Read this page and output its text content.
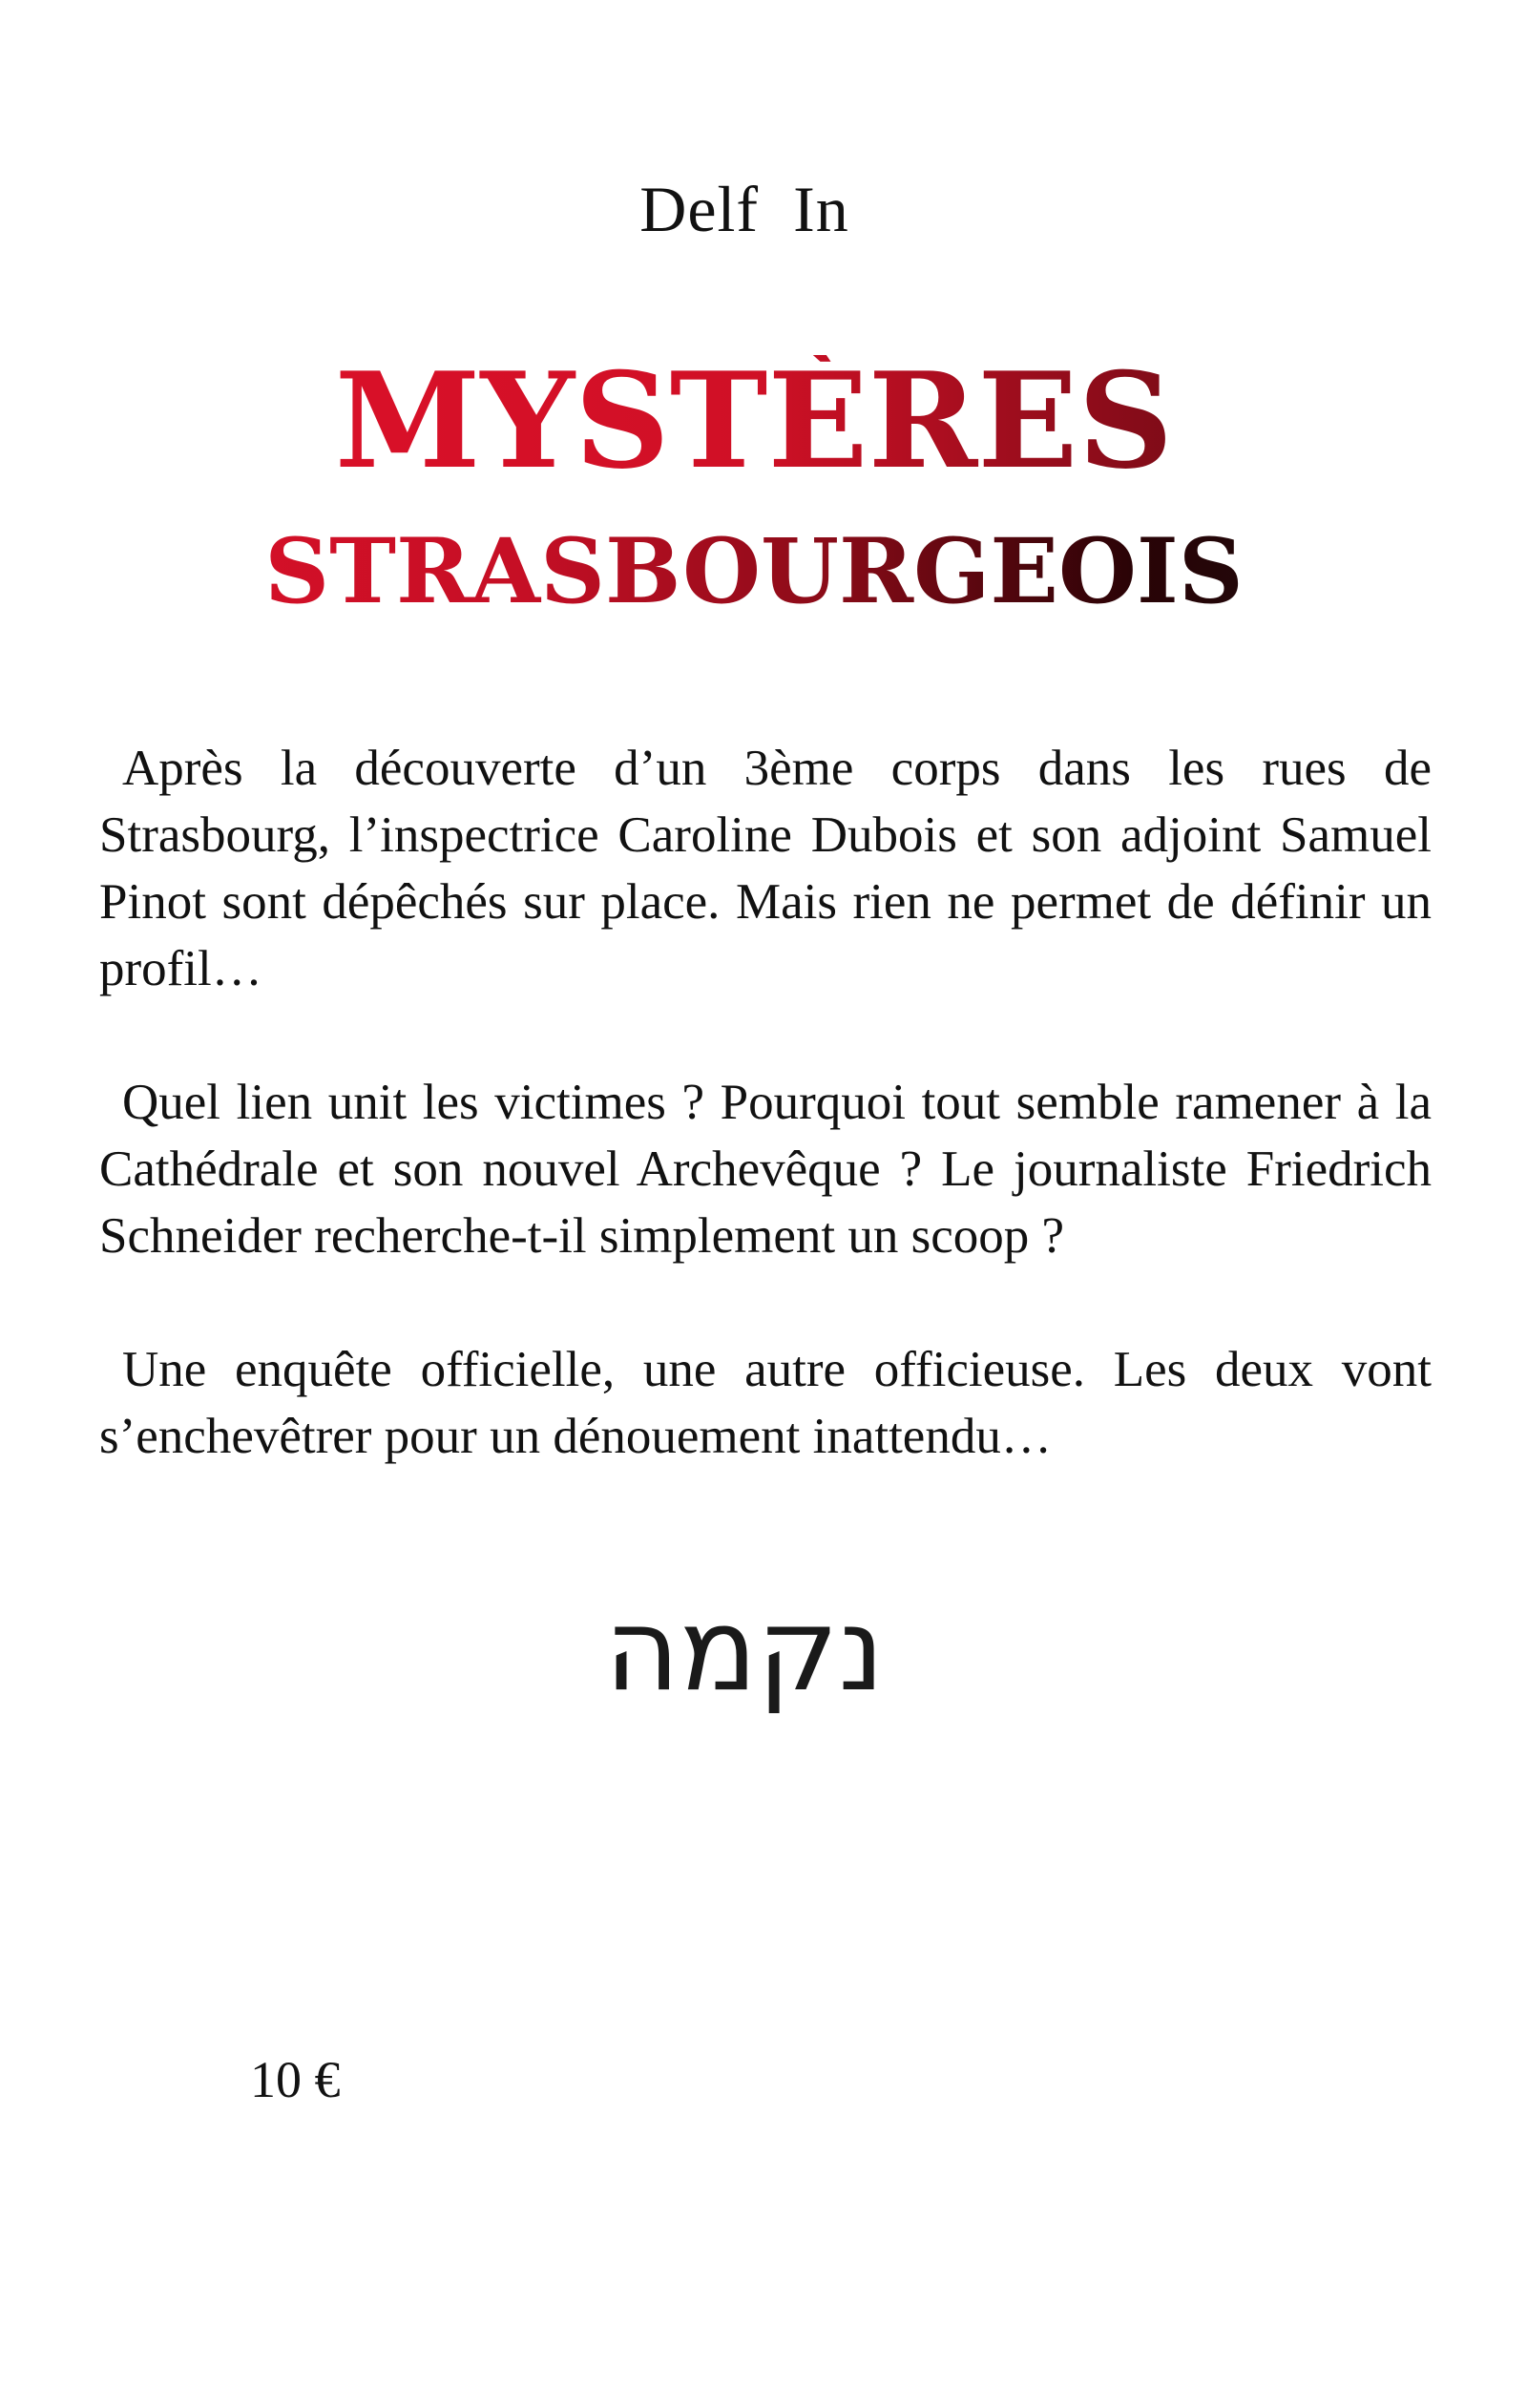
Delf In
MYSTÈRES
STRASBOURGEOIS

Après la découverte d’un 3ème corps dans les rues de Strasbourg, l’inspectrice Caroline Dubois et son adjoint Samuel Pinot sont dépêchés sur place. Mais rien ne permet de définir un profil…

Quel lien unit les victimes ? Pourquoi tout semble ramener à la Cathédrale et son nouvel Archevêque ? Le journaliste Friedrich Schneider recherche-t-il simplement un scoop ?

Une enquête officielle, une autre officieuse. Les deux vont s’enchevêtrer pour un dénouement inattendu…

נקמה
10 €
